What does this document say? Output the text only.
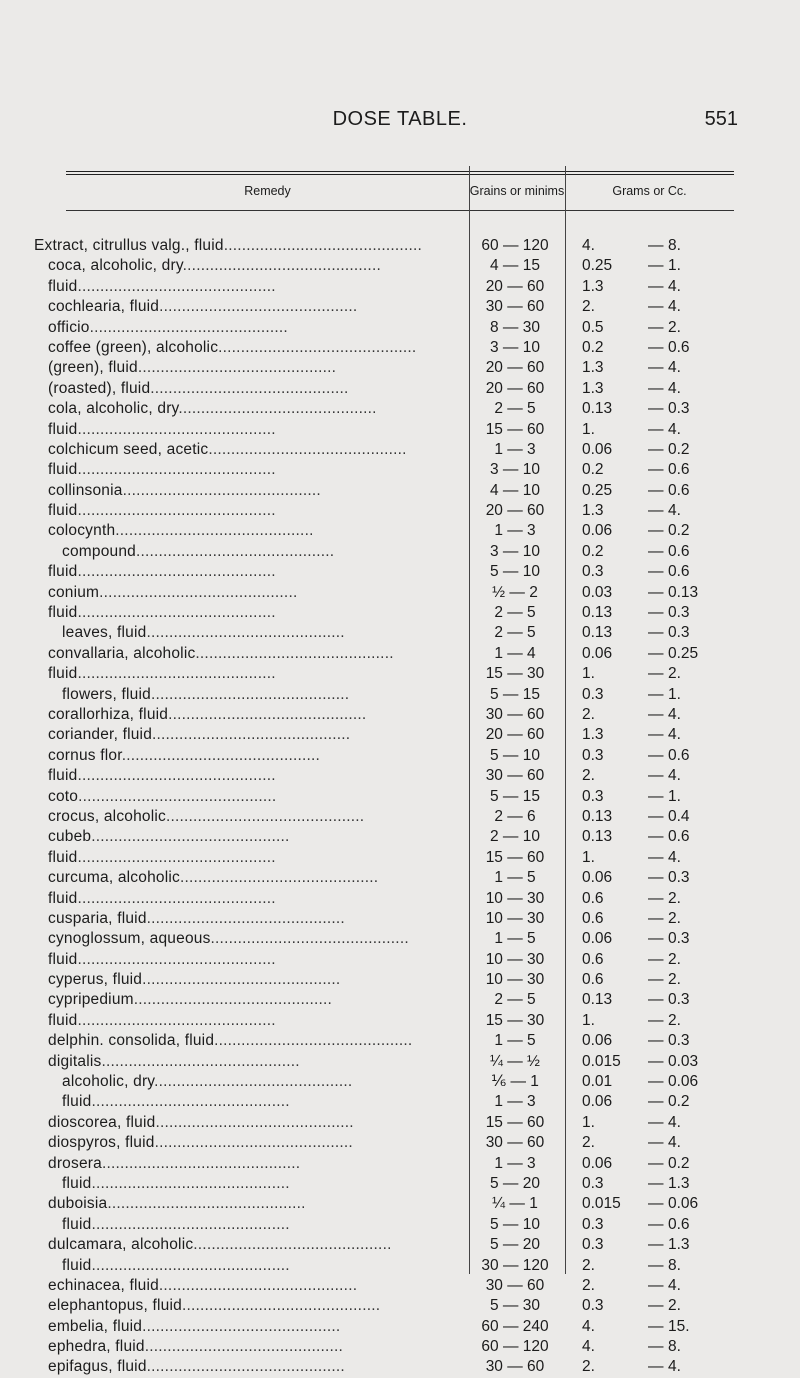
DOSE TABLE.	551
Remedy	Grains or minims	Grams or Cc.
Extract, citrullus valg., fluid............................................	60 — 120	4.	— 8.
coca, alcoholic, dry............................................	4 — 15	0.25 — 1.
fluid............................................	20 — 60	1.3	— 4.
cochlearia, fluid............................................	30 — 60	2.	— 4.
officio............................................	8 — 30	0.5	— 2.
coffee (green), alcoholic............................................	3 — 10	0.2	— 0.6
(green), fluid............................................	20 — 60	1.3	— 4.
(roasted), fluid............................................	20 — 60	1.3	— 4.
cola, alcoholic, dry............................................	2 — 5	0.13 — 0.3
fluid............................................	15 — 60	1.	— 4.
colchicum seed, acetic............................................	1 — 3	0.06 — 0.2
fluid............................................	3 — 10	0.2	— 0.6
collinsonia............................................	4 — 10	0.25 — 0.6
fluid............................................	20 — 60	1.3	— 4.
colocynth............................................	1 — 3	0.06 — 0.2
compound............................................	3 — 10	0.2	— 0.6
fluid............................................	5 — 10	0.3	— 0.6
conium............................................	½ — 2	0.03 — 0.13
fluid............................................	2 — 5	0.13 — 0.3
leaves, fluid............................................	2 — 5	0.13 — 0.3
convallaria, alcoholic............................................	1 — 4	0.06 — 0.25
fluid............................................	15 — 30	1.	— 2.
flowers, fluid............................................	5 — 15	0.3	— 1.
corallorhiza, fluid............................................	30 — 60	2.	— 4.
coriander, fluid............................................	20 — 60	1.3	— 4.
cornus flor............................................	5 — 10	0.3	— 0.6
fluid............................................	30 — 60	2.	— 4.
coto............................................	5 — 15	0.3	— 1.
crocus, alcoholic............................................	2 — 6	0.13 — 0.4
cubeb............................................	2 — 10	0.13 — 0.6
fluid............................................	15 — 60	1.	— 4.
curcuma, alcoholic............................................	1 — 5	0.06 — 0.3
fluid............................................	10 — 30	0.6	— 2.
cusparia, fluid............................................	10 — 30	0.6	— 2.
cynoglossum, aqueous............................................	1 — 5	0.06 — 0.3
fluid............................................	10 — 30	0.6	— 2.
cyperus, fluid............................................	10 — 30	0.6	— 2.
cypripedium............................................	2 — 5	0.13 — 0.3
fluid............................................	15 — 30	1.	— 2.
delphin. consolida, fluid............................................	1 — 5	0.06 — 0.3
digitalis............................................	¼ — ½	0.015 — 0.03
alcoholic, dry............................................	⅙ — 1	0.01 — 0.06
fluid............................................	1 — 3	0.06 — 0.2
dioscorea, fluid............................................	15 — 60	1.	— 4.
diospyros, fluid............................................	30 — 60	2.	— 4.
drosera............................................	1 — 3	0.06 — 0.2
fluid............................................	5 — 20	0.3	— 1.3
duboisia............................................	¼ — 1	0.015 — 0.06
fluid............................................	5 — 10	0.3	— 0.6
dulcamara, alcoholic............................................	5 — 20	0.3	— 1.3
fluid............................................	30 — 120	2.	— 8.
echinacea, fluid............................................	30 — 60	2.	— 4.
elephantopus, fluid............................................	5 — 30	0.3	— 2.
embelia, fluid............................................	60 — 240	4.	— 15.
ephedra, fluid............................................	60 — 120	4.	— 8.
epifagus, fluid............................................	30 — 60	2.	— 4.
